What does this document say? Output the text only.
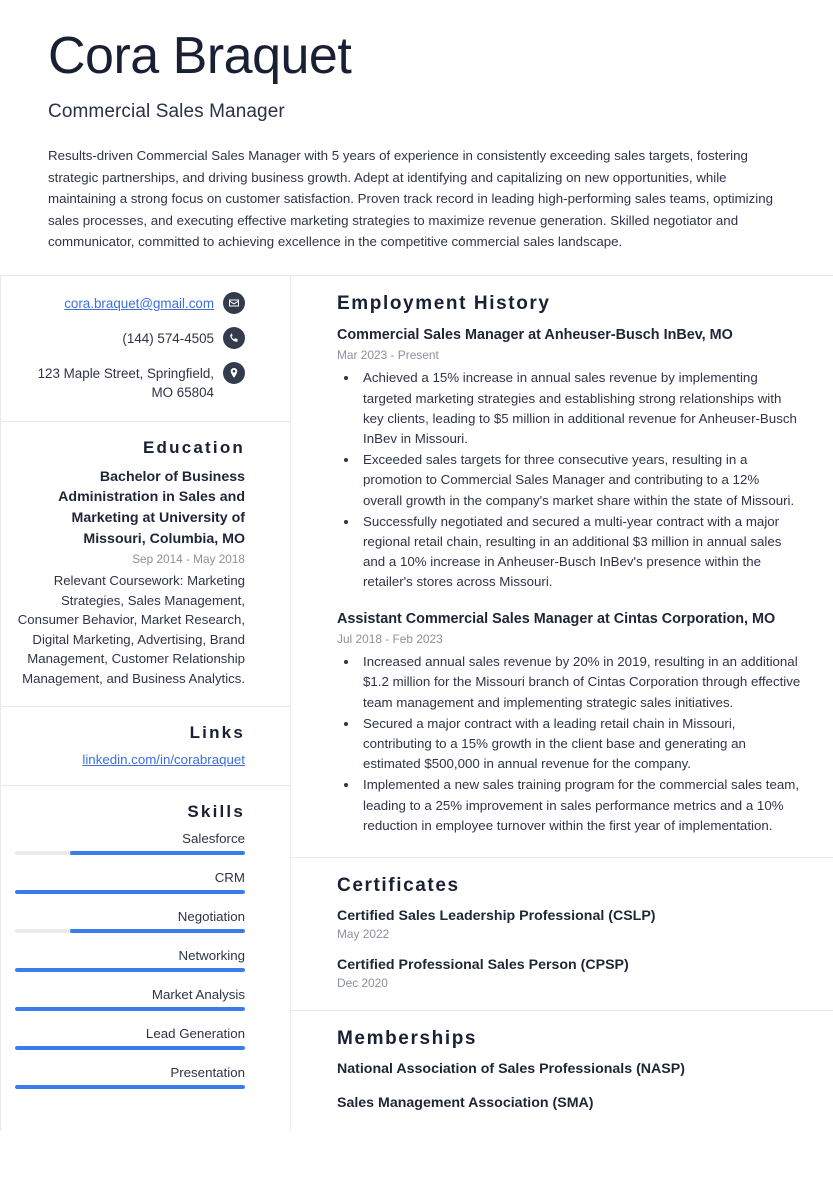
Cora Braquet
Commercial Sales Manager

Results-driven Commercial Sales Manager with 5 years of experience in consistently exceeding sales targets, fostering strategic partnerships, and driving business growth. Adept at identifying and capitalizing on new opportunities, while maintaining a strong focus on customer satisfaction. Proven track record in leading high-performing sales teams, optimizing sales processes, and executing effective marketing strategies to maximize revenue generation. Skilled negotiator and communicator, committed to achieving excellence in the competitive commercial sales landscape.

cora.braquet@gmail.com
(144) 574-4505
123 Maple Street, Springfield, MO 65804
Education
Bachelor of Business Administration in Sales and Marketing at University of Missouri, Columbia, MO
Sep 2014 - May 2018
Relevant Coursework: Marketing Strategies, Sales Management, Consumer Behavior, Market Research, Digital Marketing, Advertising, Brand Management, Customer Relationship Management, and Business Analytics.
Links
linkedin.com/in/corabraquet
Skills
Salesforce
CRM
Negotiation
Networking
Market Analysis
Lead Generation
Presentation
Employment History
Commercial Sales Manager at Anheuser-Busch InBev, MO
Mar 2023 - Present
• Achieved a 15% increase in annual sales revenue by implementing targeted marketing strategies and establishing strong relationships with key clients, leading to $5 million in additional revenue for Anheuser-Busch InBev in Missouri.
• Exceeded sales targets for three consecutive years, resulting in a promotion to Commercial Sales Manager and contributing to a 12% overall growth in the company's market share within the state of Missouri.
• Successfully negotiated and secured a multi-year contract with a major regional retail chain, resulting in an additional $3 million in annual sales and a 10% increase in Anheuser-Busch InBev's presence within the retailer's stores across Missouri.
Assistant Commercial Sales Manager at Cintas Corporation, MO
Jul 2018 - Feb 2023
• Increased annual sales revenue by 20% in 2019, resulting in an additional $1.2 million for the Missouri branch of Cintas Corporation through effective team management and implementing strategic sales initiatives.
• Secured a major contract with a leading retail chain in Missouri, contributing to a 15% growth in the client base and generating an estimated $500,000 in annual revenue for the company.
• Implemented a new sales training program for the commercial sales team, leading to a 25% improvement in sales performance metrics and a 10% reduction in employee turnover within the first year of implementation.
Certificates
Certified Sales Leadership Professional (CSLP)
May 2022
Certified Professional Sales Person (CPSP)
Dec 2020
Memberships
National Association of Sales Professionals (NASP)
Sales Management Association (SMA)
